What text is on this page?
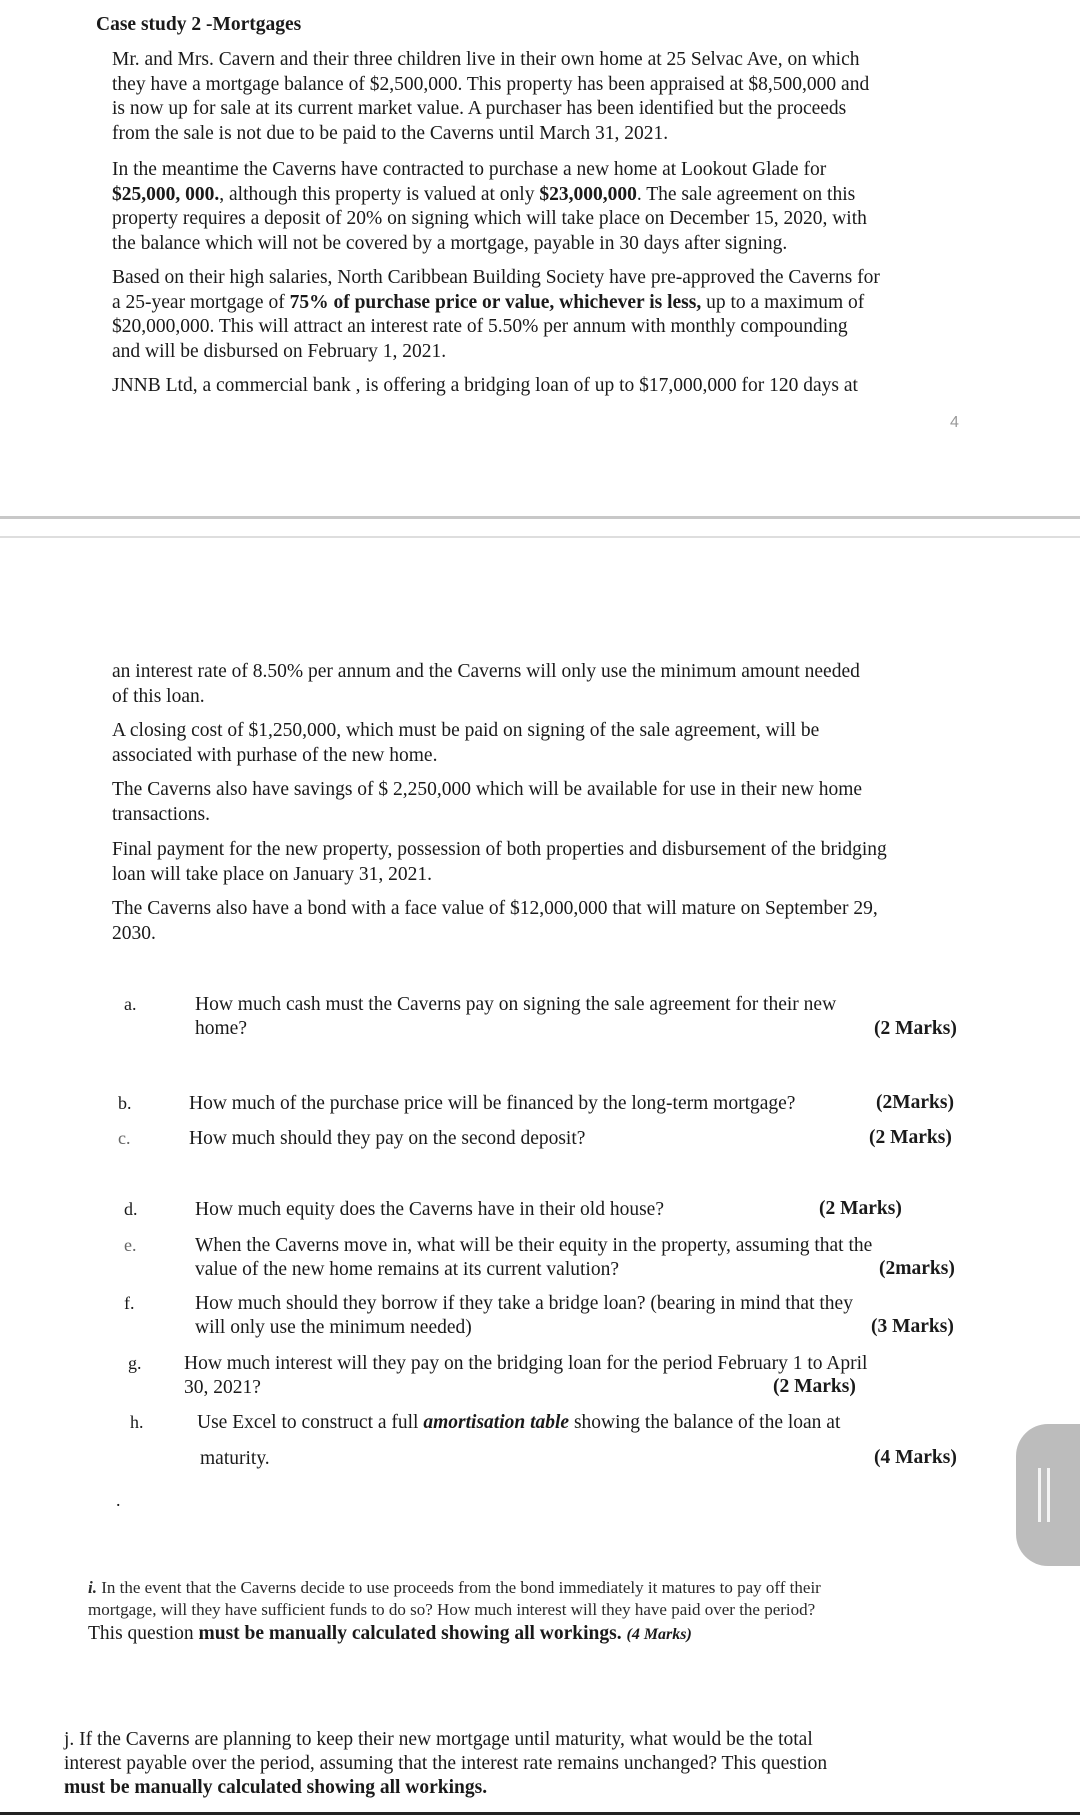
Case study 2 -Mortgages
Mr. and Mrs. Cavern and their three children live in their own home at 25 Selvac Ave, on which
they have a mortgage balance of $2,500,000. This property has been appraised at $8,500,000 and
is now up for sale at its current market value. A purchaser has been identified but the proceeds
from the sale is not due to be paid to the Caverns until March 31, 2021.
In the meantime the Caverns have contracted to purchase a new home at Lookout Glade for
$25,000, 000., although this property is valued at only $23,000,000. The sale agreement on this
property requires a deposit of 20% on signing which will take place on December 15, 2020, with
the balance which will not be covered by a mortgage, payable in 30 days after signing.
Based on their high salaries, North Caribbean Building Society have pre-approved the Caverns for
a 25-year mortgage of 75% of purchase price or value, whichever is less, up to a maximum of
$20,000,000. This will attract an interest rate of 5.50% per annum with monthly compounding
and will be disbursed on February 1, 2021.
JNNB Ltd, a commercial bank , is offering a bridging loan of up to $17,000,000 for 120 days at
4
an interest rate of 8.50% per annum and the Caverns will only use the minimum amount needed
of this loan.
A closing cost of $1,250,000, which must be paid on signing of the sale agreement, will be
associated with purhase of the new home.
The Caverns also have savings of $ 2,250,000 which will be available for use in their new home
transactions.
Final payment for the new property, possession of both properties and disbursement of the bridging
loan will take place on January 31, 2021.
The Caverns also have a bond with a face value of $12,000,000 that will mature on September 29,
2030.
a.	How much cash must the Caverns pay on signing the sale agreement for their new
home?	(2 Marks)
b.	How much of the purchase price will be financed by the long-term mortgage?	(2Marks)
c.	How much should they pay on the second deposit?	(2 Marks)
d.	How much equity does the Caverns have in their old house?	(2 Marks)
e.	When the Caverns move in, what will be their equity in the property, assuming that the
value of the new home remains at its current valution?	(2marks)
f.	How much should they borrow if they take a bridge loan? (bearing in mind that they
will only use the minimum needed)	(3 Marks)
g. How much interest will they pay on the bridging loan for the period February 1 to April
30, 2021?	(2 Marks)
h.	Use Excel to construct a full amortisation table showing the balance of the loan at
maturity.	(4 Marks)
.
i. In the event that the Caverns decide to use proceeds from the bond immediately it matures to pay off their
mortgage, will they have sufficient funds to do so? How much interest will they have paid over the period?
This question must be manually calculated showing all workings. (4 Marks)
j. If the Caverns are planning to keep their new mortgage until maturity, what would be the total
interest payable over the period, assuming that the interest rate remains unchanged? This question
must be manually calculated showing all workings.
